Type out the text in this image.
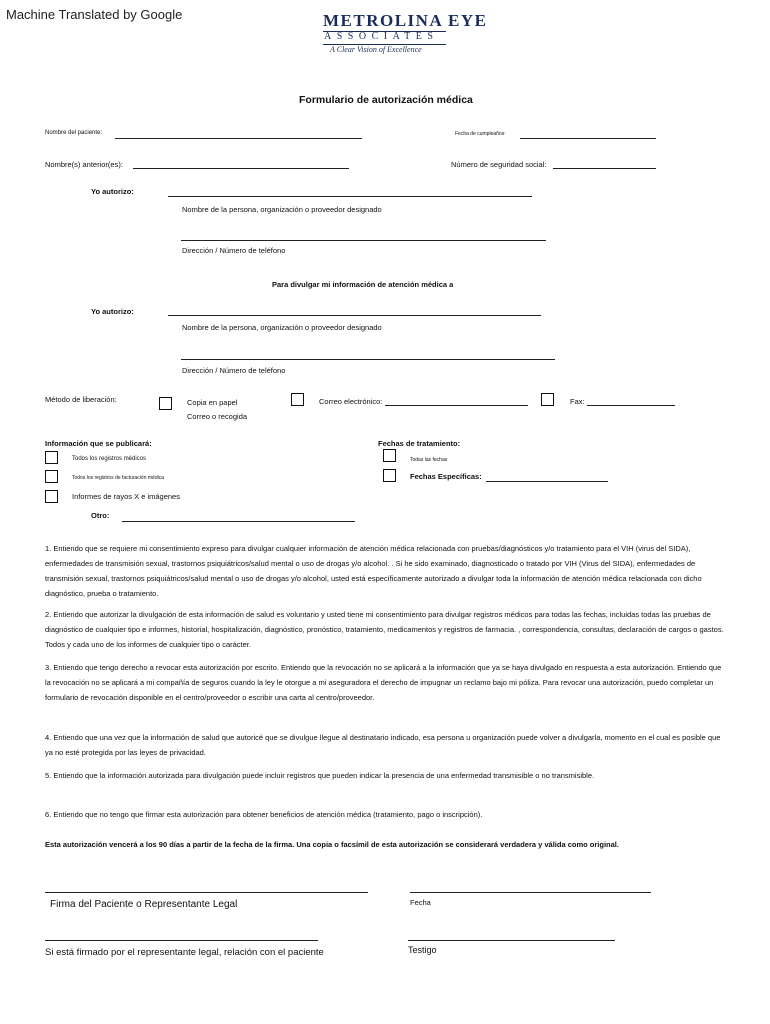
Machine Translated by Google	METROLINA EYE
ASSOCIATES
A Clear Vision of Excellence
Formulario de autorización médica
Nombre del paciente:	Fecha de cumpleaños:
Nombre(s) anterior(es):	Número de seguridad social:
Yo autorizo:
Nombre de la persona, organización o proveedor designado
Dirección / Número de teléfono
Para divulgar mi información de atención médica a
Yo autorizo:
Nombre de la persona, organización o proveedor designado
Dirección / Número de teléfono
Método de liberación:	Copia en papel
Correo o recogida
Correo electrónico:	Fax:
Información que se publicará:
Todos los registros médicos
Todos los registros de facturación médica
Informes de rayos X e imágenes
Otro:
Fechas de tratamiento:
Todas las fechas
Fechas Específicas:
1. Entiendo que se requiere mi consentimiento expreso para divulgar cualquier información de atención médica relacionada con pruebas/diagnósticos y/o tratamiento para el VIH (virus del SIDA), enfermedades de transmisión sexual, trastornos psiquiátricos/salud mental o uso de drogas y/o alcohol. . Si he sido examinado, diagnosticado o tratado por VIH (Virus del SIDA), enfermedades de transmisión sexual, trastornos psiquiátricos/salud mental o uso de drogas y/o alcohol, usted está específicamente autorizado a divulgar toda la información de atención médica relacionada con dicho diagnóstico, prueba o tratamiento.
2. Entiendo que autorizar la divulgación de esta información de salud es voluntario y usted tiene mi consentimiento para divulgar registros médicos para todas las fechas, incluidas todas las pruebas de diagnóstico de cualquier tipo e informes, historial, hospitalización, diagnóstico, pronóstico, tratamiento, medicamentos y registros de farmacia. , correspondencia, consultas, declaración de cargos o gastos. Todos y cada uno de los informes de cualquier tipo o carácter.
3. Entiendo que tengo derecho a revocar esta autorización por escrito. Entiendo que la revocación no se aplicará a la información que ya se haya divulgado en respuesta a esta autorización. Entiendo que la revocación no se aplicará a mi compañía de seguros cuando la ley le otorgue a mi aseguradora el derecho de impugnar un reclamo bajo mi póliza. Para revocar una autorización, puedo completar un formulario de revocación disponible en el centro/proveedor o escribir una carta al centro/proveedor.
4. Entiendo que una vez que la información de salud que autoricé que se divulgue llegue al destinatario indicado, esa persona u organización puede volver a divulgarla, momento en el cual es posible que ya no esté protegida por las leyes de privacidad.
5. Entiendo que la información autorizada para divulgación puede incluir registros que pueden indicar la presencia de una enfermedad transmisible o no transmisible.
6. Entiendo que no tengo que firmar esta autorización para obtener beneficios de atención médica (tratamiento, pago o inscripción).
Esta autorización vencerá a los 90 días a partir de la fecha de la firma. Una copia o facsímil de esta autorización se considerará verdadera y válida como original.
Firma del Paciente o Representante Legal	Fecha
Si está firmado por el representante legal, relación con el paciente	Testigo
